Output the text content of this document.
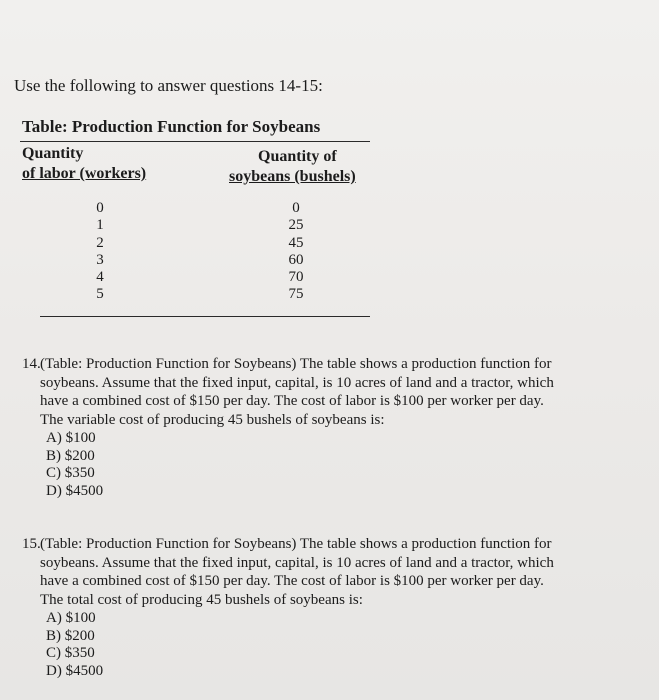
Use the following to answer questions 14-15:
Table: Production Function for Soybeans
Quantity
of labor (workers)
Quantity of
soybeans (bushels)
0
1
2
3
4
5
0
25
45
60
70
75
14. (Table: Production Function for Soybeans) The table shows a production function for
soybeans. Assume that the fixed input, capital, is 10 acres of land and a tractor, which
have a combined cost of $150 per day. The cost of labor is $100 per worker per day.
The variable cost of producing 45 bushels of soybeans is:
A) $100
B) $200
C) $350
D) $4500
15. (Table: Production Function for Soybeans) The table shows a production function for
soybeans. Assume that the fixed input, capital, is 10 acres of land and a tractor, which
have a combined cost of $150 per day. The cost of labor is $100 per worker per day.
The total cost of producing 45 bushels of soybeans is:
A) $100
B) $200
C) $350
D) $4500
